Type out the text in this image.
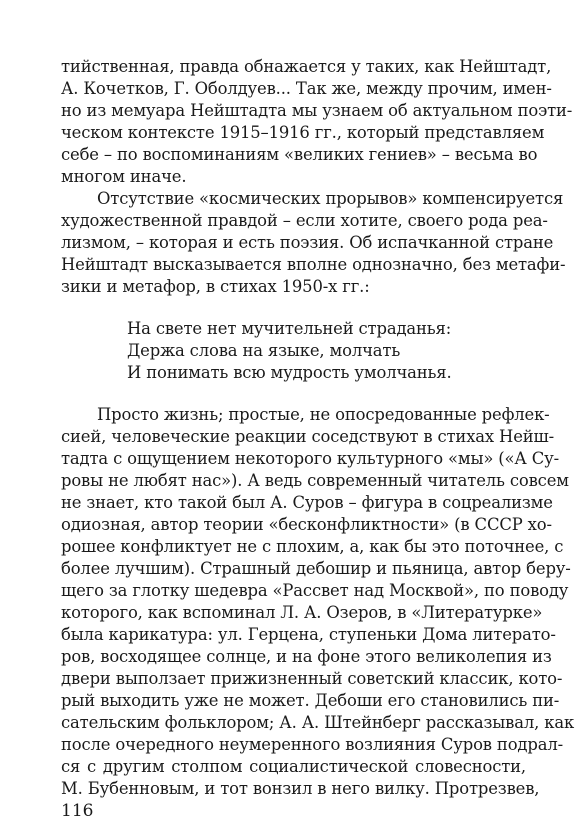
тийственная, правда обнажается у таких, как Нейштадт,
А. Кочетков, Г. Оболдуев... Так же, между прочим, имен-
но из мемуара Нейштадта мы узнаем об актуальном поэти-
ческом контексте 1915–1916 гг., который представляем
себе – по воспоминаниям «великих гениев» – весьма во
многом иначе.
Отсутствие «космических прорывов» компенсируется
художественной правдой – если хотите, своего рода реа-
лизмом, – которая и есть поэзия. Об испачканной стране
Нейштадт высказывается вполне однозначно, без метафи-
зики и метафор, в стихах 1950-х гг.:
На свете нет мучительней страданья:
Держа слова на языке, молчать
И понимать всю мудрость умолчанья.
Просто жизнь; простые, не опосредованные рефлек-
сией, человеческие реакции соседствуют в стихах Нейш-
тадта с ощущением некоторого культурного «мы» («А Су-
ровы не любят нас»). А ведь современный читатель совсем
не знает, кто такой был А. Суров – фигура в соцреализме
одиозная, автор теории «бесконфликтности» (в СССР хо-
рошее конфликтует не с плохим, а, как бы это поточнее, с
более лучшим). Страшный дебошир и пьяница, автор беру-
щего за глотку шедевра «Рассвет над Москвой», по поводу
которого, как вспоминал Л. А. Озеров, в «Литературке»
была карикатура: ул. Герцена, ступеньки Дома литерато-
ров, восходящее солнце, и на фоне этого великолепия из
двери выползает прижизненный советский классик, кото-
рый выходить уже не может. Дебоши его становились пи-
сательским фольклором; А. А. Штейнберг рассказывал, как
после очередного неумеренного возлияния Суров подрал-
ся с другим столпом социалистической словесности,
М. Бубенновым, и тот вонзил в него вилку. Протрезвев,
116
